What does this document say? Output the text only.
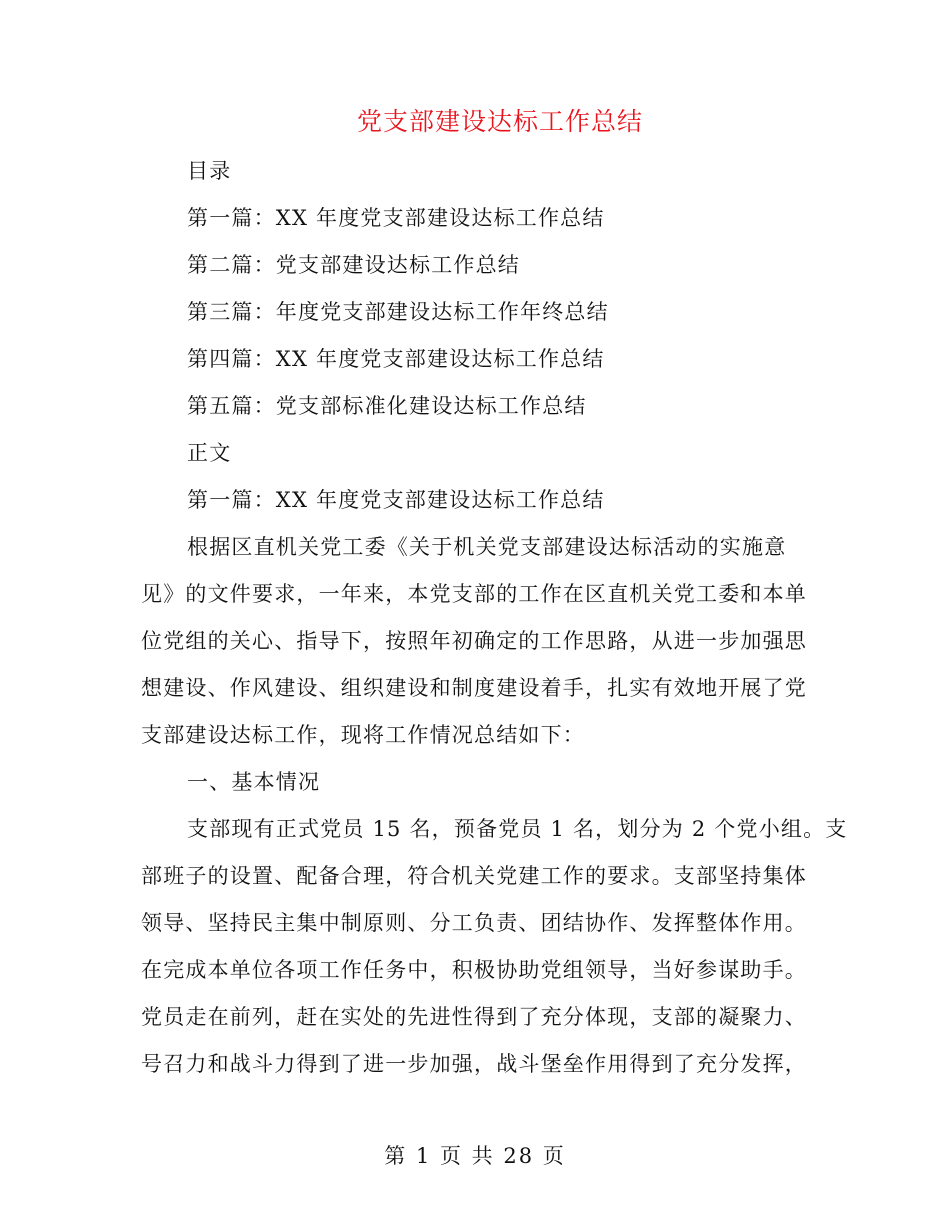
党支部建设达标工作总结
目录
第一篇：XX 年度党支部建设达标工作总结
第二篇：党支部建设达标工作总结
第三篇：年度党支部建设达标工作年终总结
第四篇：XX 年度党支部建设达标工作总结
第五篇：党支部标准化建设达标工作总结
正文
第一篇：XX 年度党支部建设达标工作总结
根据区直机关党工委《关于机关党支部建设达标活动的实施意
见》的文件要求，一年来，本党支部的工作在区直机关党工委和本单
位党组的关心、指导下，按照年初确定的工作思路，从进一步加强思
想建设、作风建设、组织建设和制度建设着手，扎实有效地开展了党
支部建设达标工作，现将工作情况总结如下：
一、基本情况
支部现有正式党员 15 名，预备党员 1 名，划分为 2 个党小组。支
部班子的设置、配备合理，符合机关党建工作的要求。支部坚持集体
领导、坚持民主集中制原则、分工负责、团结协作、发挥整体作用。
在完成本单位各项工作任务中，积极协助党组领导，当好参谋助手。
党员走在前列，赶在实处的先进性得到了充分体现，支部的凝聚力、
号召力和战斗力得到了进一步加强，战斗堡垒作用得到了充分发挥，
第 1 页 共 28 页
